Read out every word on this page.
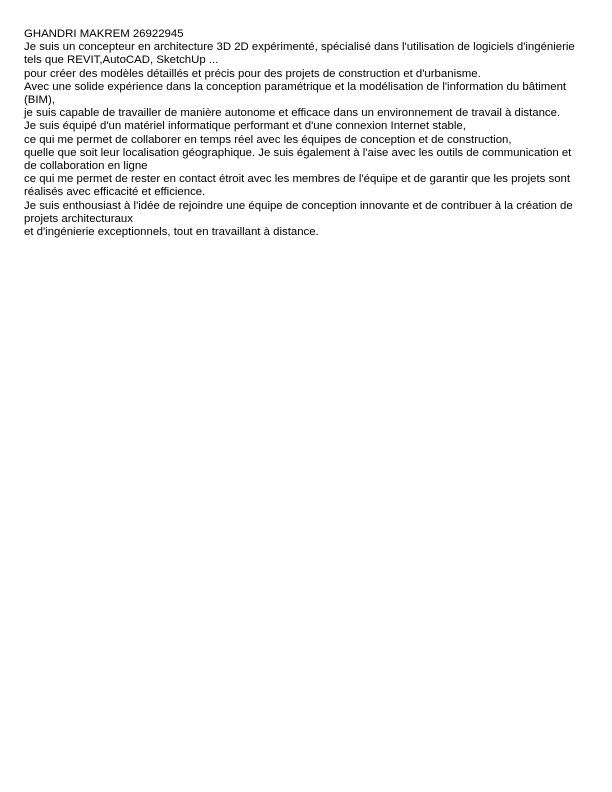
GHANDRI MAKREM 26922945

Je suis un concepteur en architecture 3D 2D expérimenté, spécialisé dans l'utilisation de logiciels d'ingénierie tels que REVIT,AutoCAD, SketchUp ...

pour créer des modèles détaillés et précis pour des projets de construction et d'urbanisme.

Avec une solide expérience dans la conception paramétrique et la modélisation de l'information du bâtiment (BIM),

je suis capable de travailler de manière autonome et efficace dans un environnement de travail à distance.

Je suis équipé d'un matériel informatique performant et d'une connexion Internet stable,

ce qui me permet de collaborer en temps réel avec les équipes de conception et de construction,

quelle que soit leur localisation géographique. Je suis également à l'aise avec les outils de communication et de collaboration en ligne

ce qui me permet de rester en contact étroit avec les membres de l'équipe et de garantir que les projets sont réalisés avec efficacité et efficience.

Je suis enthousiast à l'idée de rejoindre une équipe de conception innovante et de contribuer à la création de projets architecturaux

et d'ingénierie exceptionnels, tout en travaillant à distance.
